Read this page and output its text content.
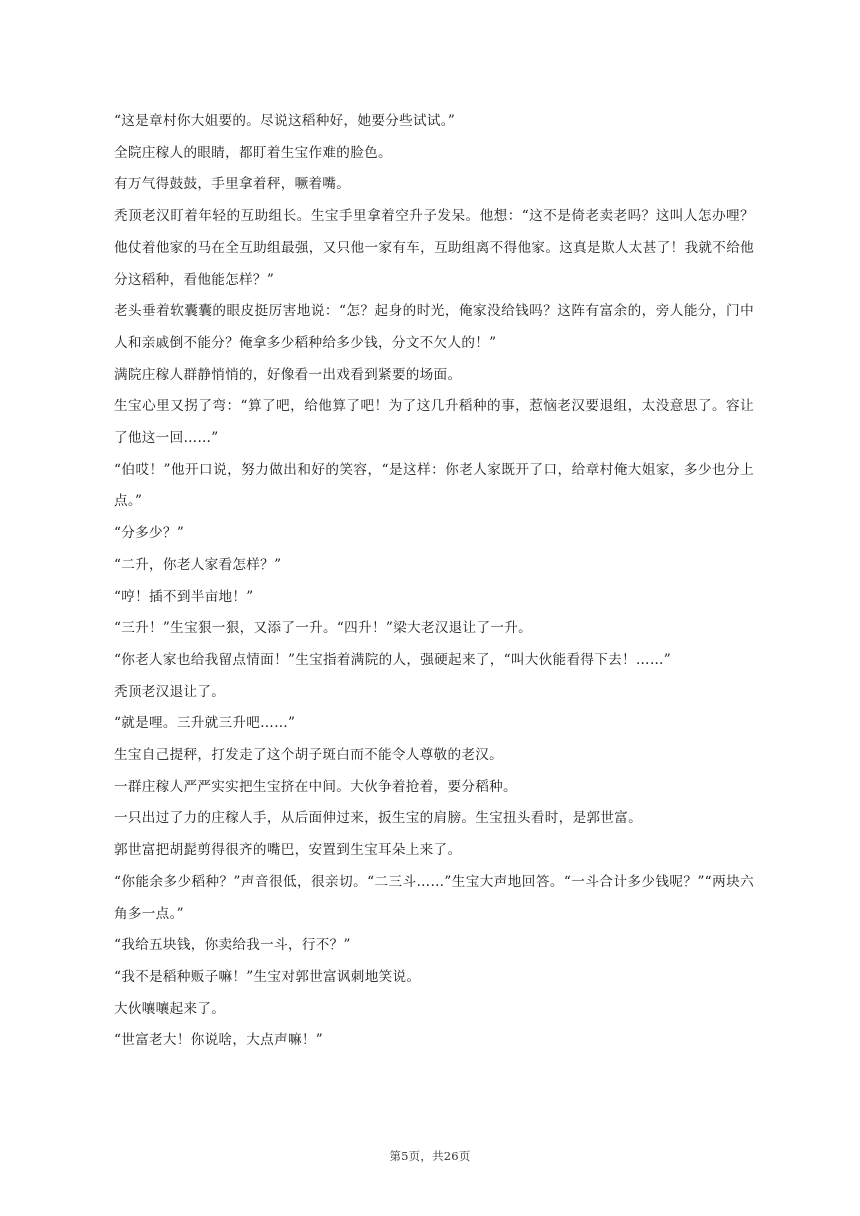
“这是章村你大姐要的。尽说这稻种好，她要分些试试。”

全院庄稼人的眼睛，都盯着生宝作难的脸色。

有万气得鼓鼓，手里拿着秤，噘着嘴。

秃顶老汉盯着年轻的互助组长。生宝手里拿着空升子发呆。他想：“这不是倚老卖老吗？这叫人怎办哩？他仗着他家的马在全互助组最强，又只他一家有车，互助组离不得他家。这真是欺人太甚了！我就不给他分这稻种，看他能怎样？”

老头垂着软囊囊的眼皮挺厉害地说：“怎？起身的时光，俺家没给钱吗？这阵有富余的，旁人能分，门中人和亲戚倒不能分？俺拿多少稻种给多少钱，分文不欠人的！”

满院庄稼人群静悄悄的，好像看一出戏看到紧要的场面。

生宝心里又拐了弯：“算了吧，给他算了吧！为了这几升稻种的事，惹恼老汉要退组，太没意思了。容让了他这一回……”

“伯哎！”他开口说，努力做出和好的笑容，“是这样：你老人家既开了口，给章村俺大姐家，多少也分上点。”

“分多少？”

“二升，你老人家看怎样？”

“哼！插不到半亩地！”

“三升！”生宝狠一狠，又添了一升。“四升！”梁大老汉退让了一升。

“你老人家也给我留点情面！”生宝指着满院的人，强硬起来了，“叫大伙能看得下去！……”

秃顶老汉退让了。

“就是哩。三升就三升吧……”

生宝自己提秤，打发走了这个胡子斑白而不能令人尊敬的老汉。

一群庄稼人严严实实把生宝挤在中间。大伙争着抢着，要分稻种。

一只出过了力的庄稼人手，从后面伸过来，扳生宝的肩膀。生宝扭头看时，是郭世富。

郭世富把胡髭剪得很齐的嘴巴，安置到生宝耳朵上来了。

“你能余多少稻种？”声音很低，很亲切。“二三斗……”生宝大声地回答。“一斗合计多少钱呢？”“两块六角多一点。”

“我给五块钱，你卖给我一斗，行不？”

“我不是稻种贩子嘛！”生宝对郭世富讽刺地笑说。

大伙嚷嚷起来了。

“世富老大！你说啥，大点声嘛！”

第5页，共26页
